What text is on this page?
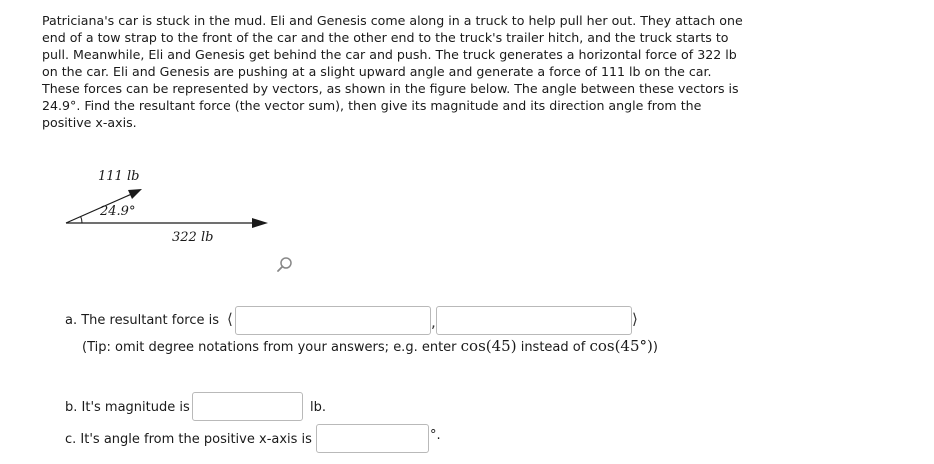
Patriciana's car is stuck in the mud. Eli and Genesis come along in a truck to help pull her out. They attach one end of a tow strap to the front of the car and the other end to the truck's trailer hitch, and the truck starts to pull. Meanwhile, Eli and Genesis get behind the car and push. The truck generates a horizontal force of 322 lb on the car. Eli and Genesis are pushing at a slight upward angle and generate a force of 111 lb on the car. These forces can be represented by vectors, as shown in the figure below. The angle between these vectors is 24.9°. Find the resultant force (the vector sum), then give its magnitude and its direction angle from the positive x-axis.

111 lb
24.9°
322 lb
a. The resultant force is ⟨	,	⟩
(Tip: omit degree notations from your answers; e.g. enter cos(45) instead of cos(45°))
b. It's magnitude is	lb.
c. It's angle from the positive x-axis is	°.
